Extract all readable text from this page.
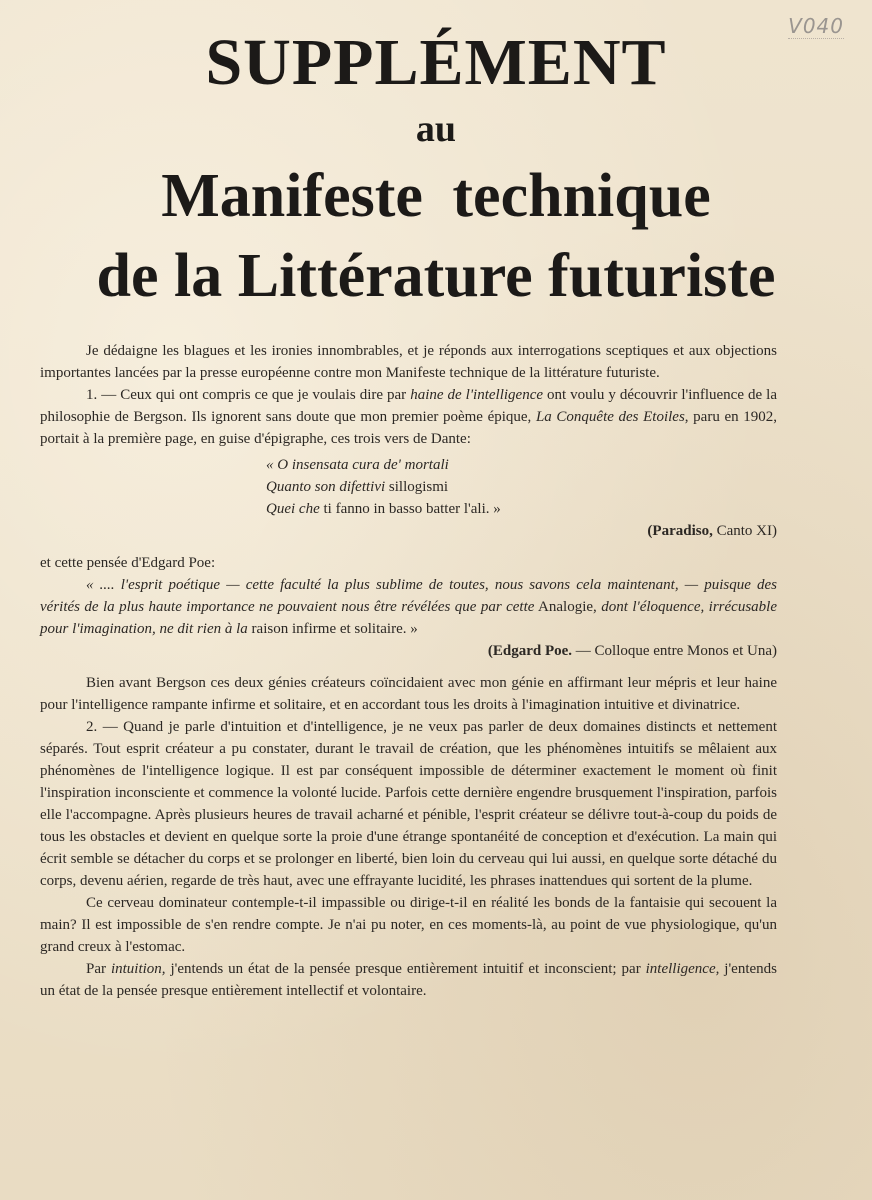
V040
SUPPLÉMENT
au
Manifeste technique
de la Littérature futuriste

Je dédaigne les blagues et les ironies innombrables, et je réponds aux interrogations sceptiques et aux objections importantes lancées par la presse européenne contre mon Manifeste technique de la littérature futuriste.

1. — Ceux qui ont compris ce que je voulais dire par haine de l'intelligence ont voulu y découvrir l'influence de la philosophie de Bergson. Ils ignorent sans doute que mon premier poème épique, La Conquête des Etoiles, paru en 1902, portait à la première page, en guise d'épigraphe, ces trois vers de Dante:

« O insensata cura de' mortali
Quanto son difettivi sillogismi
Quei che ti fanno in basso batter l'ali. »

(Paradiso, Canto XI)

et cette pensée d'Edgard Poe:

« .... l'esprit poétique — cette faculté la plus sublime de toutes, nous savons cela maintenant, — puisque des vérités de la plus haute importance ne pouvaient nous être révélées que par cette Analogie, dont l'éloquence, irrécusable pour l'imagination, ne dit rien à la raison infirme et solitaire. »

(Edgard Poe. — Colloque entre Monos et Una)

Bien avant Bergson ces deux génies créateurs coïncidaient avec mon génie en affirmant leur mépris et leur haine pour l'intelligence rampante infirme et solitaire, et en accordant tous les droits à l'imagination intuitive et divinatrice.

2. — Quand je parle d'intuition et d'intelligence, je ne veux pas parler de deux domaines distincts et nettement séparés. Tout esprit créateur a pu constater, durant le travail de création, que les phénomènes intuitifs se mêlaient aux phénomènes de l'intelligence logique. Il est par conséquent impossible de déterminer exactement le moment où finit l'inspiration inconsciente et commence la volonté lucide. Parfois cette dernière engendre brusquement l'inspiration, parfois elle l'accompagne. Après plusieurs heures de travail acharné et pénible, l'esprit créateur se délivre tout-à-coup du poids de tous les obstacles et devient en quelque sorte la proie d'une étrange spontanéité de conception et d'exécution. La main qui écrit semble se détacher du corps et se prolonger en liberté, bien loin du cerveau qui lui aussi, en quelque sorte détaché du corps, devenu aérien, regarde de très haut, avec une effrayante lucidité, les phrases inattendues qui sortent de la plume.

Ce cerveau dominateur contemple-t-il impassible ou dirige-t-il en réalité les bonds de la fantaisie qui secouent la main? Il est impossible de s'en rendre compte. Je n'ai pu noter, en ces moments-là, au point de vue physiologique, qu'un grand creux à l'estomac.

Par intuition, j'entends un état de la pensée presque entièrement intuitif et inconscient; par intelligence, j'entends un état de la pensée presque entièrement intellectif et volontaire.
